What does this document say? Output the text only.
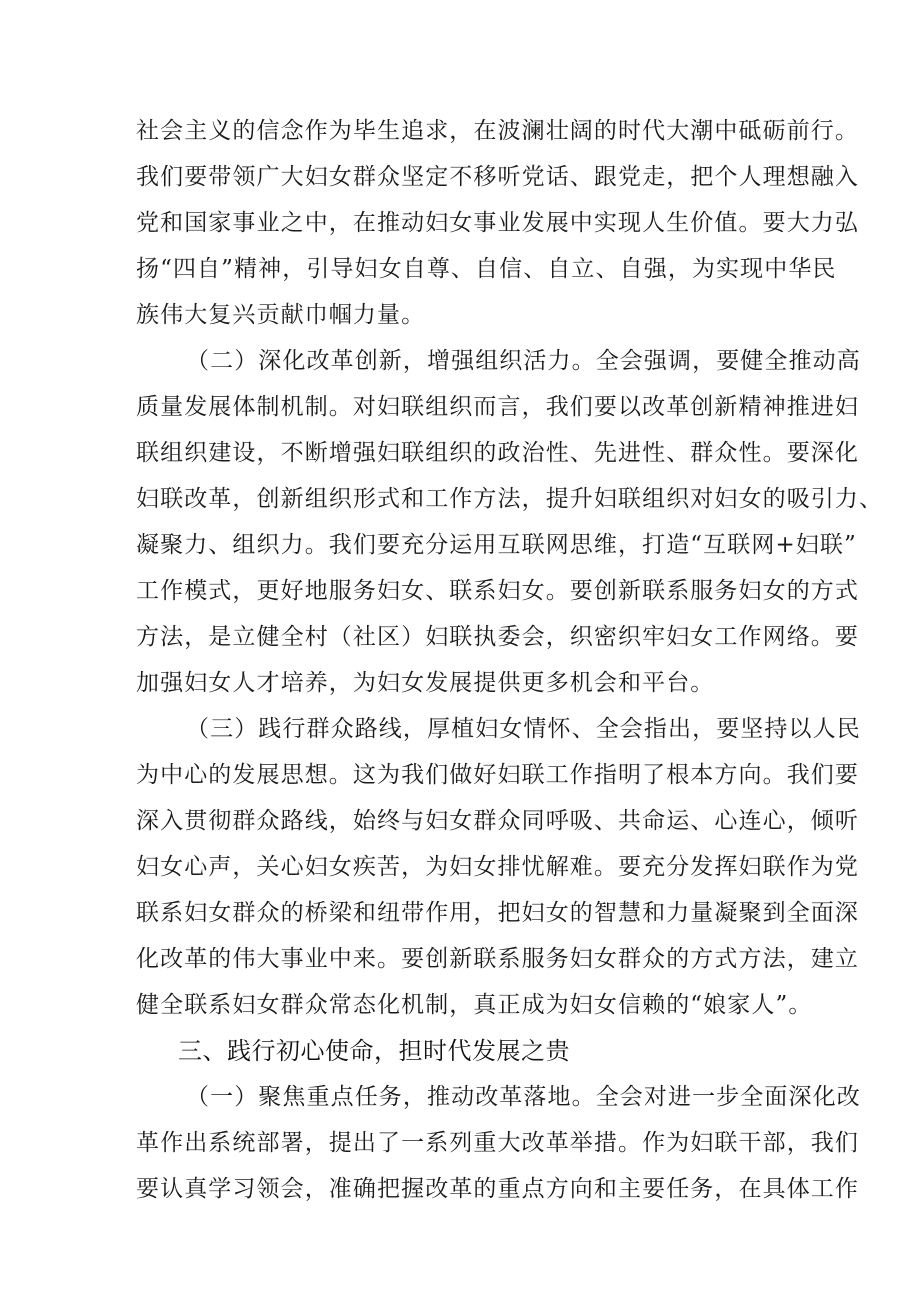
社会主义的信念作为毕生追求，在波澜壮阔的时代大潮中砥砺前行。
我们要带领广大妇女群众坚定不移听党话、跟党走，把个人理想融入
党和国家事业之中，在推动妇女事业发展中实现人生价值。要大力弘
扬“四自”精神，引导妇女自尊、自信、自立、自强，为实现中华民
族伟大复兴贡献巾帼力量。
（二）深化改革创新，增强组织活力。全会强调，要健全推动高
质量发展体制机制。对妇联组织而言，我们要以改革创新精神推进妇
联组织建设，不断增强妇联组织的政治性、先进性、群众性。要深化
妇联改革，创新组织形式和工作方法，提升妇联组织对妇女的吸引力、
凝聚力、组织力。我们要充分运用互联网思维，打造“互联网+妇联”
工作模式，更好地服务妇女、联系妇女。要创新联系服务妇女的方式
方法，是立健全村（社区）妇联执委会，织密织牢妇女工作网络。要
加强妇女人才培养，为妇女发展提供更多机会和平台。
（三）践行群众路线，厚植妇女情怀、全会指出，要坚持以人民
为中心的发展思想。这为我们做好妇联工作指明了根本方向。我们要
深入贯彻群众路线，始终与妇女群众同呼吸、共命运、心连心，倾听
妇女心声，关心妇女疾苦，为妇女排忧解难。要充分发挥妇联作为党
联系妇女群众的桥梁和纽带作用，把妇女的智慧和力量凝聚到全面深
化改革的伟大事业中来。要创新联系服务妇女群众的方式方法，建立
健全联系妇女群众常态化机制，真正成为妇女信赖的“娘家人”。
三、践行初心使命，担时代发展之贵
（一）聚焦重点任务，推动改革落地。全会对进一步全面深化改
革作出系统部署，提出了一系列重大改革举措。作为妇联干部，我们
要认真学习领会，准确把握改革的重点方向和主要任务，在具体工作
